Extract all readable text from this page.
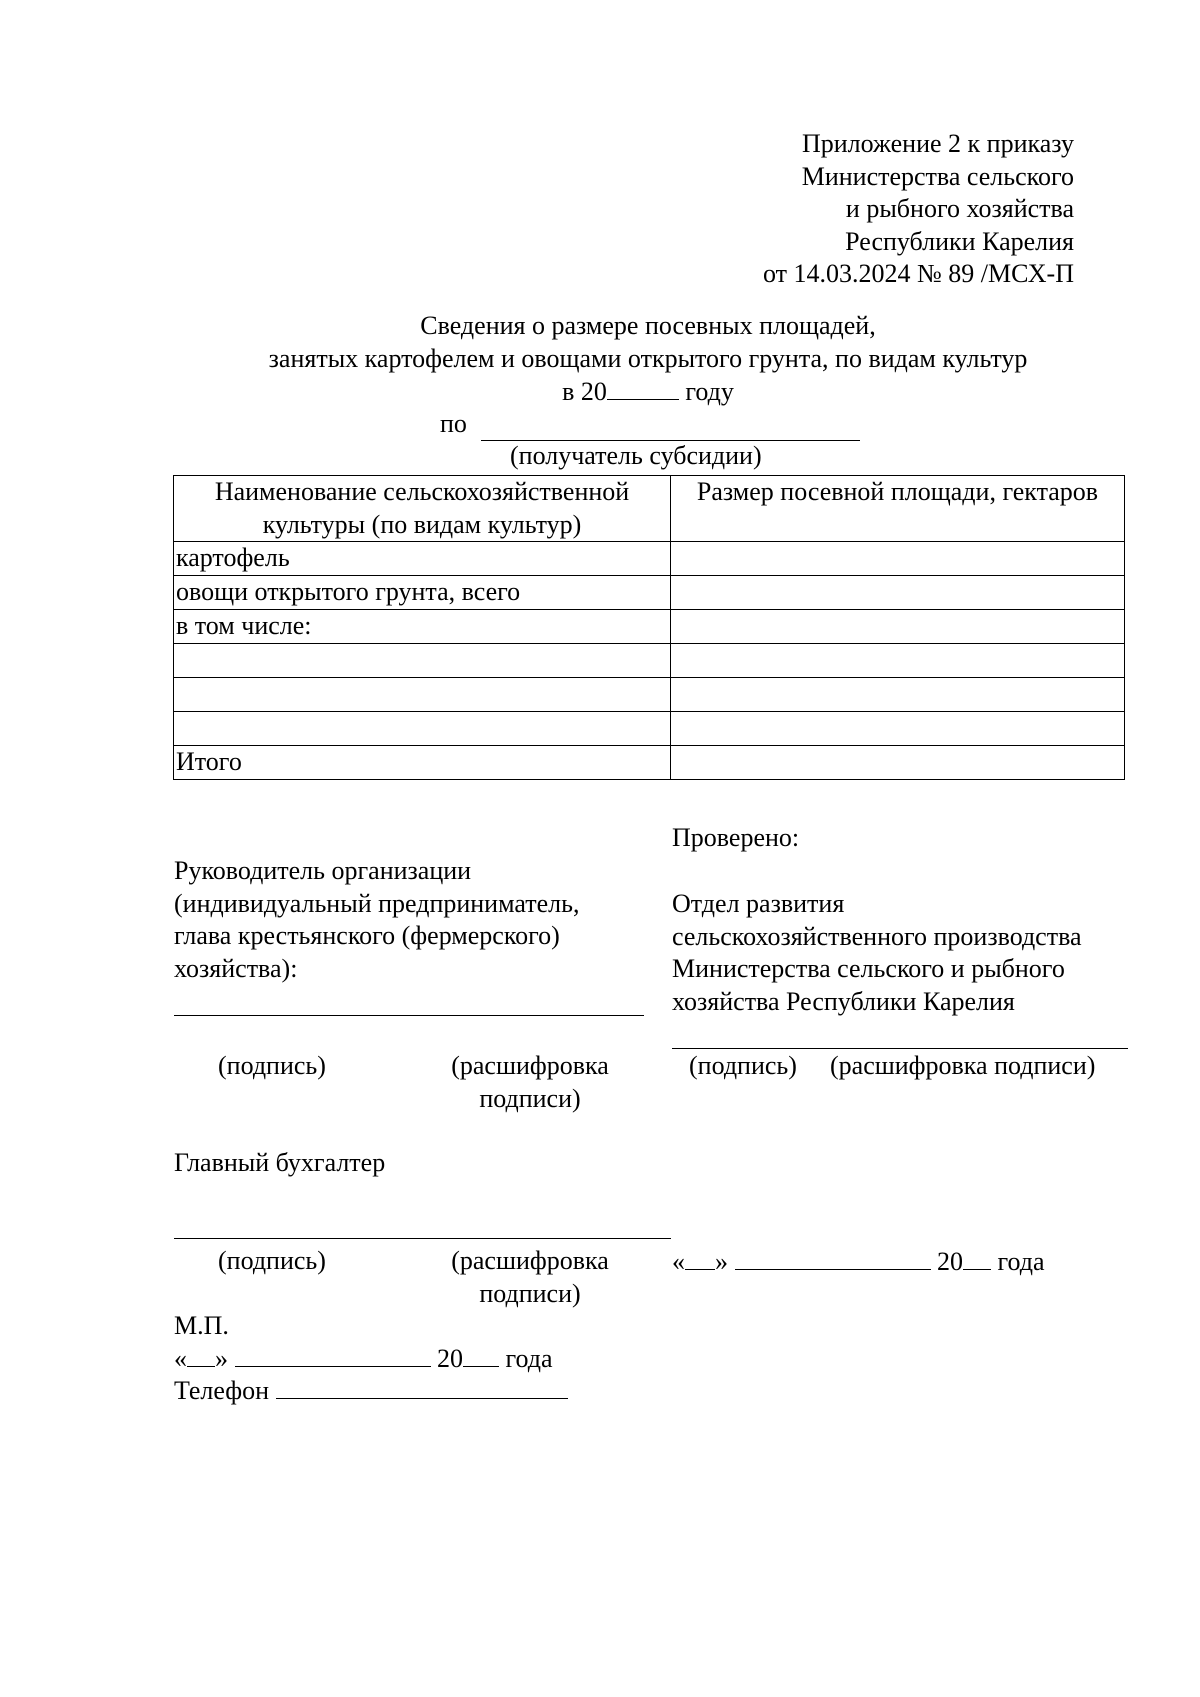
Приложение 2 к приказу
Министерства сельского
и рыбного хозяйства
Республики Карелия
от 14.03.2024 № 89 /МСХ-П
Сведения о размере посевных площадей,
занятых картофелем и овощами открытого грунта, по видам культур
в 20	году
по
(получатель субсидии)
Наименование сельскохозяйственной культуры (по видам культур)	Размер посевной площади, гектаров
картофель	
овощи открытого грунта, всего	
в том числе:	

Итого	
Проверено:
Руководитель организации
(индивидуальный предприниматель,
глава крестьянского (фермерского)
хозяйства):
(подпись)	(расшифровка
подписи)
Отдел развития
сельскохозяйственного производства
Министерства сельского и рыбного
хозяйства Республики Карелия
(подпись) (расшифровка подписи)
Главный бухгалтер
(подпись)	(расшифровка
подписи)
« »	20 года
М.П.
« »	20 года
Телефон
